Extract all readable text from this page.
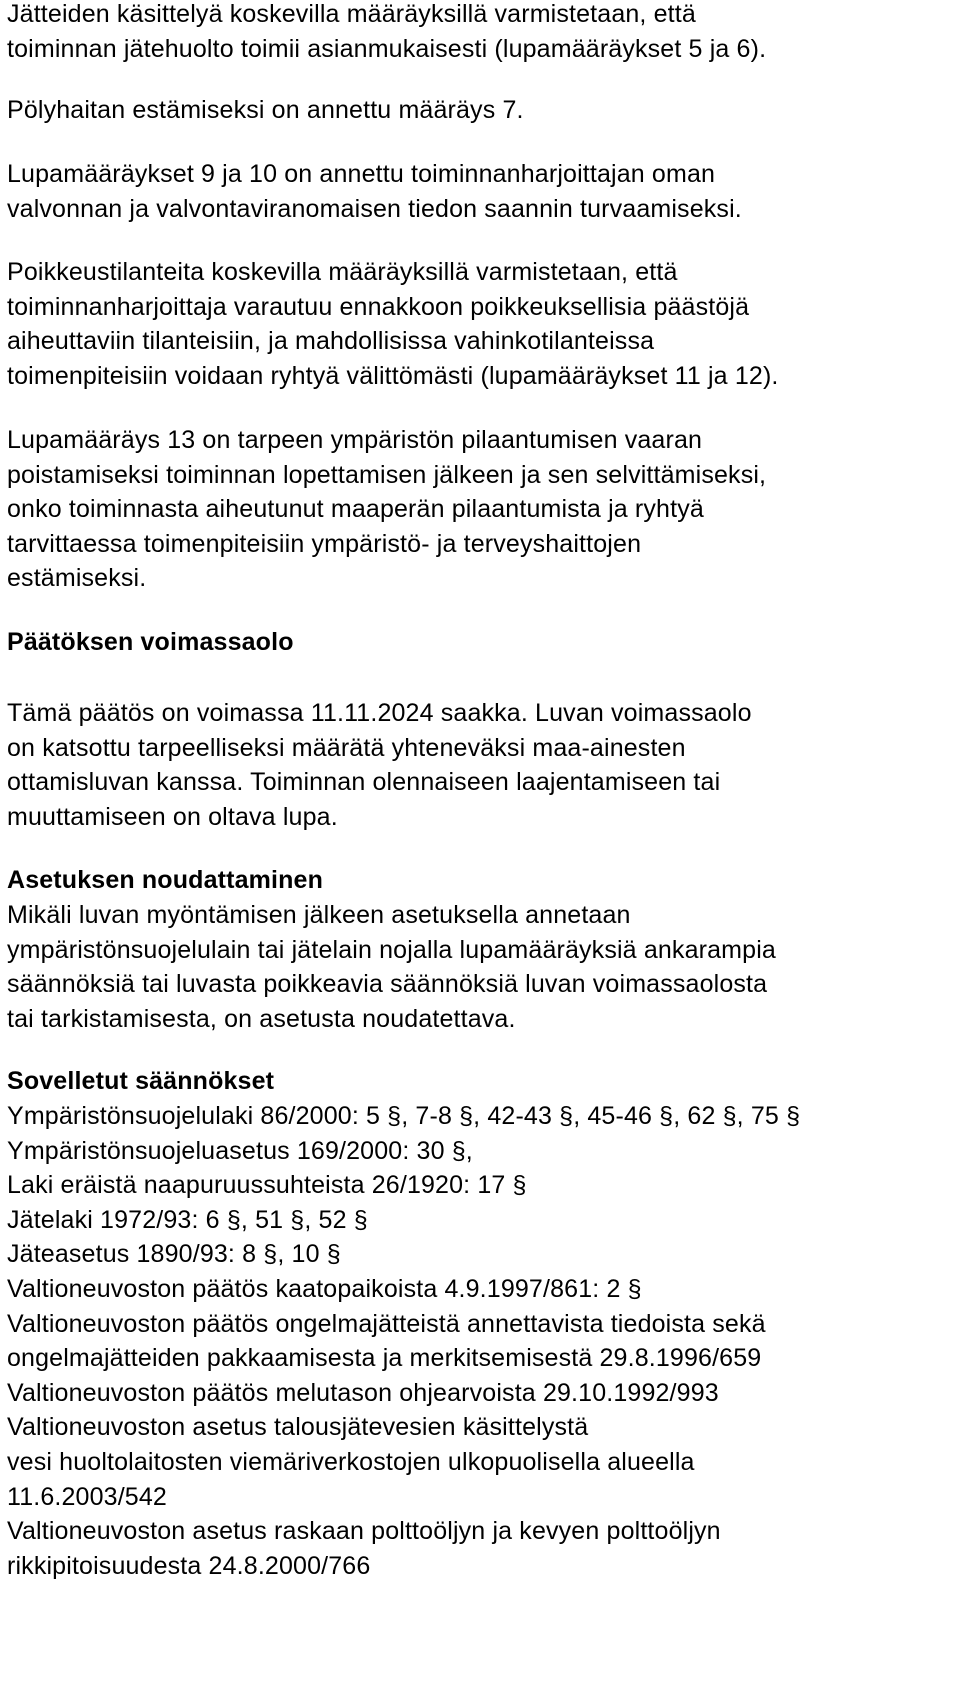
Jätteiden käsittelyä koskevilla määräyksillä varmistetaan, että
toiminnan jätehuolto toimii asianmukaisesti (lupamääräykset 5 ja 6).
Pölyhaitan estämiseksi on annettu määräys 7.
Lupamääräykset 9 ja 10 on annettu toiminnanharjoittajan oman
valvonnan ja valvontaviranomaisen tiedon saannin turvaamiseksi.
Poikkeustilanteita koskevilla määräyksillä varmistetaan, että
toiminnanharjoittaja varautuu ennakkoon poikkeuksellisia päästöjä
aiheuttaviin tilanteisiin, ja mahdollisissa vahinkotilanteissa
toimenpiteisiin voidaan ryhtyä välittömästi (lupamääräykset 11 ja 12).
Lupamääräys 13 on tarpeen ympäristön pilaantumisen vaaran
poistamiseksi toiminnan lopettamisen jälkeen ja sen selvittämiseksi,
onko toiminnasta aiheutunut maaperän pilaantumista ja ryhtyä
tarvittaessa toimenpiteisiin ympäristö- ja terveyshaittojen
estämiseksi.
Päätöksen voimassaolo
Tämä päätös on voimassa 11.11.2024 saakka. Luvan voimassaolo
on katsottu tarpeelliseksi määrätä yhteneväksi maa-ainesten
ottamisluvan kanssa. Toiminnan olennaiseen laajentamiseen tai
muuttamiseen on oltava lupa.
Asetuksen noudattaminen
Mikäli luvan myöntämisen jälkeen asetuksella annetaan
ympäristönsuojelulain tai jätelain nojalla lupamääräyksiä ankarampia
säännöksiä tai luvasta poikkeavia säännöksiä luvan voimassaolosta
tai tarkistamisesta, on asetusta noudatettava.
Sovelletut säännökset
Ympäristönsuojelulaki 86/2000: 5 §, 7-8 §, 42-43 §, 45-46 §, 62 §, 75 §
Ympäristönsuojeluasetus 169/2000: 30 §,
Laki eräistä naapuruussuhteista 26/1920: 17 §
Jätelaki 1972/93: 6 §, 51 §, 52 §
Jäteasetus 1890/93: 8 §, 10 §
Valtioneuvoston päätös kaatopaikoista 4.9.1997/861: 2 §
Valtioneuvoston päätös ongelmajätteistä annettavista tiedoista sekä
ongelmajätteiden pakkaamisesta ja merkitsemisestä 29.8.1996/659
Valtioneuvoston päätös melutason ohjearvoista 29.10.1992/993
Valtioneuvoston asetus talousjätevesien käsittelystä
vesi huoltolaitosten viemäriverkostojen ulkopuolisella alueella
11.6.2003/542
Valtioneuvoston asetus raskaan polttoöljyn ja kevyen polttoöljyn
rikkipitoisuudesta 24.8.2000/766
